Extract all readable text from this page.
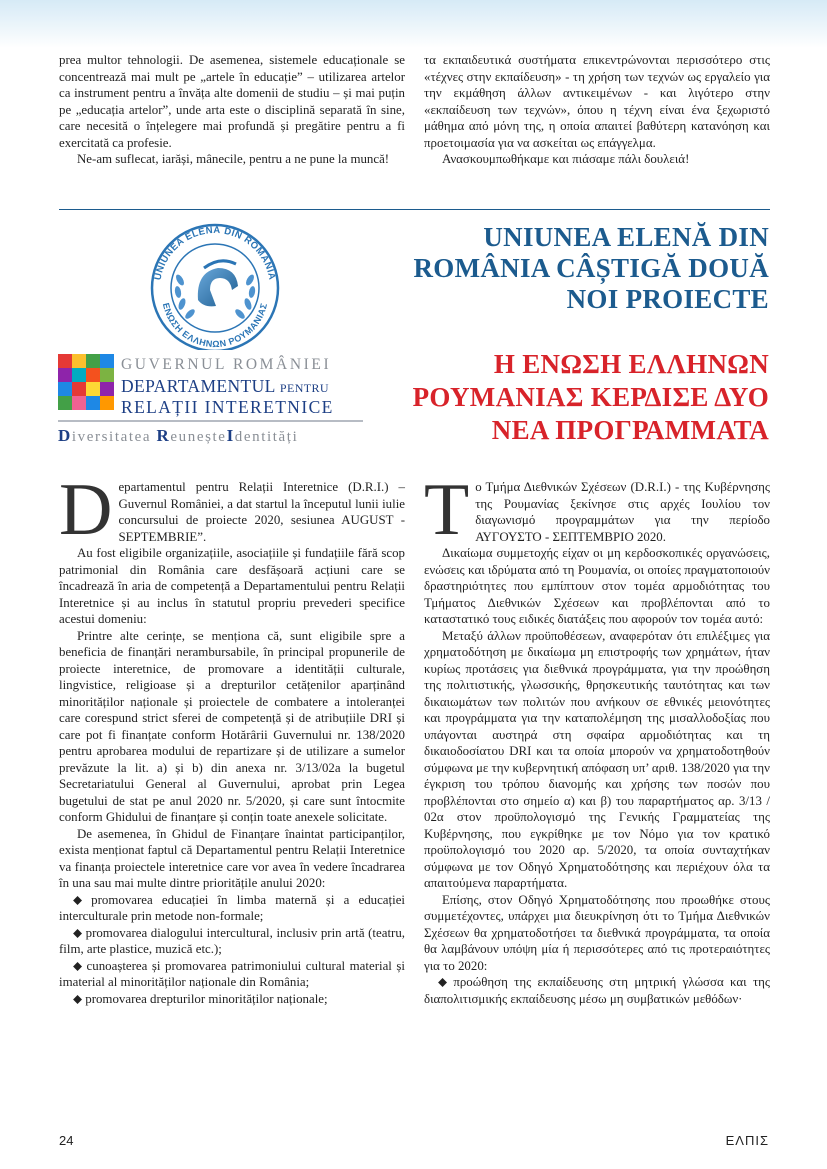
prea multor tehnologii. De asemenea, sistemele educaționale se concentrează mai mult pe „artele în educație” – utilizarea artelor ca instrument pentru a învăța alte domenii de studiu – și mai puțin pe „educația artelor”, unde arta este o disciplină separată în sine, care necesită o înțelegere mai profundă și pregătire pentru a fi exercitată ca profesie.

Ne-am suflecat, iarăși, mânecile, pentru a ne pune la muncă!

τα εκπαιδευτικά συστήματα επικεντρώνονται περισσότερο στις «τέχνες στην εκπαίδευση» - τη χρήση των τεχνών ως εργαλείο για την εκμάθηση άλλων αντικειμένων - και λιγότερο στην «εκπαίδευση των τεχνών», όπου η τέχνη είναι ένα ξεχωριστό μάθημα από μόνη της, η οποία απαιτεί βαθύτερη κατανόηση και προετοιμασία για να ασκείται ως επάγγελμα.

Ανασκουμπωθήκαμε και πιάσαμε πάλι δουλειά!

UNIUNEA ELENĂ DIN ROMÂNIA
ΕΝΩΣΗ ΕΛΛΗΝΩΝ ΡΟΥΜΑΝΙΑΣ
GUVERNUL ROMÂNIEI
DEPARTAMENTUL PENTRU
RELAȚII INTERETNICE
Diversitatea ReuneșteIdentități
UNIUNEA ELENĂ DIN ROMÂNIA CÂȘTIGĂ DOUĂ NOI PROIECTE
Η ΕΝΩΣΗ ΕΛΛΗΝΩΝ ΡΟΥΜΑΝΙΑΣ ΚΕΡΔΙΣΕ ΔΥΟ ΝΕΑ ΠΡΟΓΡΑΜΜΑΤΑ

Departamentul pentru Relații Interetnice (D.R.I.) – Guvernul României, a dat startul la începutul lunii iulie concursului de proiecte 2020, sesiunea AUGUST - SEPTEMBRIE”.

Au fost eligibile organizațiile, asociațiile și fundațiile fără scop patrimonial din România care desfășoară acțiuni care se încadrează în aria de competență a Departamentului pentru Relații Interetnice și au inclus în statutul propriu prevederi specifice acestui domeniu:

Printre alte cerințe, se menționa că, sunt eligibile spre a beneficia de finanțări nerambursabile, în principal propunerile de proiecte interetnice, de promovare a identității culturale, lingvistice, religioase și a drepturilor cetățenilor aparținând minorităților naționale și proiectele de combatere a intoleranței care corespund strict sferei de competență și de atribuțiile DRI și care pot fi finanțate conform Hotărârii Guvernului nr. 138/2020 pentru aprobarea modului de repartizare și de utilizare a sumelor prevăzute la lit. a) și b) din anexa nr. 3/13/02a la bugetul Secretariatului General al Guvernului, aprobat prin Legea bugetului de stat pe anul 2020 nr. 5/2020, și care sunt întocmite conform Ghidului de finanțare și conțin toate anexele solicitate.

De asemenea, în Ghidul de Finanțare înaintat participanților, exista menționat faptul că Departamentul pentru Relații Interetnice va finanța proiectele interetnice care vor avea în vedere încadrarea în una sau mai multe dintre prioritățile anului 2020:

⬥ promovarea educației în limba maternă și a educației interculturale prin metode non-formale;

⬥ promovarea dialogului intercultural, inclusiv prin artă (teatru, film, arte plastice, muzică etc.);

⬥ cunoașterea și promovarea patrimoniului cultural material și imaterial al minorităților naționale din România;

⬥ promovarea drepturilor minorităților naționale;

Tο Τμήμα Διεθνικών Σχέσεων (D.R.I.) - της Κυβέρνησης της Ρουμανίας ξεκίνησε στις αρχές Ιουλίου τον διαγωνισμό προγραμμάτων για την περίοδο ΑΥΓΟΥΣΤΟ - ΣΕΠΤΕΜΒΡΙΟ 2020.

Δικαίωμα συμμετοχής είχαν οι μη κερδοσκοπικές οργανώσεις, ενώσεις και ιδρύματα από τη Ρουμανία, οι οποίες πραγματοποιούν δραστηριότητες που εμπίπτουν στον τομέα αρμοδιότητας του Τμήματος Διεθνικών Σχέσεων και προβλέπονται από το καταστατικό τους ειδικές διατάξεις που αφορούν τον τομέα αυτό:

Μεταξύ άλλων προϋποθέσεων, αναφερόταν ότι επιλέξιμες για χρηματοδότηση με δικαίωμα μη επιστροφής των χρημάτων, ήταν κυρίως προτάσεις για διεθνικά προγράμματα, για την προώθηση της πολιτιστικής, γλωσσικής, θρησκευτικής ταυτότητας και των δικαιωμάτων των πολιτών που ανήκουν σε εθνικές μειονότητες και προγράμματα για την καταπολέμηση της μισαλλοδοξίας που υπάγονται αυστηρά στη σφαίρα αρμοδιότητας και τη δικαιοδοσίατου DRI και τα οποία μπορούν να χρηματοδοτηθούν σύμφωνα με την κυβερνητική απόφαση υπ’ αριθ. 138/2020 για την έγκριση του τρόπου διανομής και χρήσης των ποσών που προβλέπονται στο σημείο α) και β) του παραρτήματος αρ. 3/13 / 02α στον προϋπολογισμό της Γενικής Γραμματείας της Κυβέρνησης, που εγκρίθηκε με τον Νόμο για τον κρατικό προϋπολογισμό του 2020 αρ. 5/2020, τα οποία συνταχτήκαν σύμφωνα με τον Οδηγό Χρηματοδότησης και περιέχουν όλα τα απαιτούμενα παραρτήματα.

Επίσης, στον Οδηγό Χρηματοδότησης που προωθήκε στους συμμετέχοντες, υπάρχει μια διευκρίνηση ότι το Τμήμα Διεθνικών Σχέσεων θα χρηματοδοτήσει τα διεθνικά προγράμματα, τα οποία θα λαμβάνουν υπόψη μία ή περισσότερες από τις προτεραιότητες για το 2020:

⬥ προώθηση της εκπαίδευσης στη μητρική γλώσσα και της διαπολιτισμικής εκπαίδευσης μέσω μη συμβατικών μεθόδων·

24	ΕΛΠΙΣ
